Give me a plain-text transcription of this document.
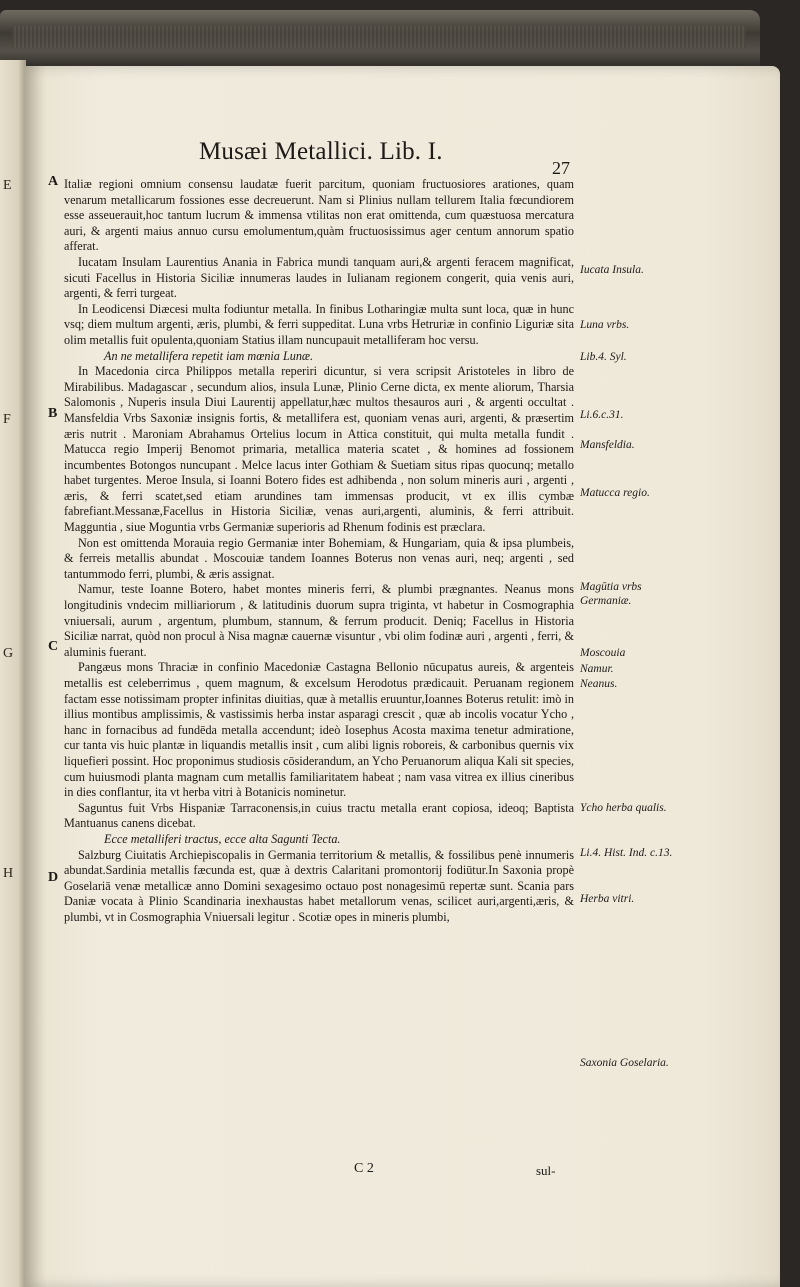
E
F
G
H
Musæi Metallici. Lib. I.
27
A
B
C
D

Italiæ regioni omnium consensu laudatæ fuerit parcitum, quoniam fructuosiores arationes, quam venarum metallicarum fossiones esse decreuerunt. Nam si Plinius nullam tellurem Italia fœcundiorem esse asseuerauit,hoc tantum lucrum & immensa vtilitas non erat omittenda, cum quæstuosa mercatura auri, & argenti maius annuo cursu emolumentum,quàm fructuosissimus ager centum annorum spatio afferat.

Iucatam Insulam Laurentius Anania in Fabrica mundi tanquam auri,& argenti feracem magnificat, sicuti Facellus in Historia Siciliæ innumeras laudes in Iulianam regionem congerit, quia venis auri, argenti, & ferri turgeat.

In Leodicensi Diæcesi multa fodiuntur metalla. In finibus Lotharingiæ multa sunt loca, quæ in hunc vsq; diem multum argenti, æris, plumbi, & ferri suppeditat. Luna vrbs Hetruriæ in confinio Liguriæ sita olim metallis fuit opulenta,quoniam Statius illam nuncupauit metalliferam hoc versu.

An ne metallifera repetit iam mœnia Lunæ.

In Macedonia circa Philippos metalla reperiri dicuntur, si vera scripsit Aristoteles in libro de Mirabilibus. Madagascar , secundum alios, insula Lunæ, Plinio Cerne dicta, ex mente aliorum, Tharsia Salomonis , Nuperis insula Diui Laurentij appellatur,hæc multos thesauros auri , & argenti occultat . Mansfeldia Vrbs Saxoniæ insignis fortis, & metallifera est, quoniam venas auri, argenti, & præsertim æris nutrit . Maroniam Abrahamus Ortelius locum in Attica constituit, qui multa metalla fundit . Matucca regio Imperij Benomot primaria, metallica materia scatet , & homines ad fossionem incumbentes Botongos nuncupant . Melce lacus inter Gothiam & Suetiam situs ripas quocunq; metallo habet turgentes. Meroe Insula, si Ioanni Botero fides est adhibenda , non solum mineris auri , argenti , æris, & ferri scatet,sed etiam arundines tam immensas producit, vt ex illis cymbæ fabrefiant.Messanæ,Facellus in Historia Siciliæ, venas auri,argenti, aluminis, & ferri attribuit. Magguntia , siue Moguntia vrbs Germaniæ superioris ad Rhenum fodinis est præclara.

Non est omittenda Morauia regio Germaniæ inter Bohemiam, & Hungariam, quia & ipsa plumbeis, & ferreis metallis abundat . Moscouiæ tandem Ioannes Boterus non venas auri, neq; argenti , sed tantummodo ferri, plumbi, & æris assignat.

Namur, teste Ioanne Botero, habet montes mineris ferri, & plumbi prægnantes. Neanus mons longitudinis vndecim milliariorum , & latitudinis duorum supra triginta, vt habetur in Cosmographia vniuersali, aurum , argentum, plumbum, stannum, & ferrum producit. Deniq; Facellus in Historia Siciliæ narrat, quòd non procul à Nisa magnæ cauernæ visuntur , vbi olim fodinæ auri , argenti , ferri, & aluminis fuerant.

Pangæus mons Thraciæ in confinio Macedoniæ Castagna Bellonio nūcupatus aureis, & argenteis metallis est celeberrimus , quem magnum, & excelsum Herodotus prædicauit. Peruanam regionem factam esse notissimam propter infinitas diuitias, quæ à metallis eruuntur,Ioannes Boterus retulit: imò in illius montibus amplissimis, & vastissimis herba instar asparagi crescit , quæ ab incolis vocatur Ycho , hanc in fornacibus ad fundēda metalla accendunt; ideò Iosephus Acosta maxima tenetur admiratione, cur tanta vis huic plantæ in liquandis metallis insit , cum alibi lignis roboreis, & carbonibus quernis vix liquefieri possint. Hoc proponimus studiosis cōsiderandum, an Ycho Peruanorum aliqua Kali sit species, cum huiusmodi planta magnam cum metallis familiaritatem habeat ; nam vasa vitrea ex illius cineribus in dies conflantur, ita vt herba vitri à Botanicis nominetur.

Saguntus fuit Vrbs Hispaniæ Tarraconensis,in cuius tractu metalla erant copiosa, ideoq; Baptista Mantuanus canens dicebat.

Ecce metalliferi tractus, ecce alta Sagunti Tecta.

Salzburg Ciuitatis Archiepiscopalis in Germania territorium & metallis, & fossilibus penè innumeris abundat.Sardinia metallis fæcunda est, quæ à dextris Calaritani promontorij fodiūtur.In Saxonia propè Goselariā venæ metallicæ anno Domini sexagesimo octauo post nonagesimū repertæ sunt. Scania pars Daniæ vocata à Plinio Scandinaria inexhaustas habet metallorum venas, scilicet auri,argenti,æris, & plumbi, vt in Cosmographia Vniuersali legitur . Scotiæ opes in mineris plumbi,

Iucata Insula.
Luna vrbs.
Lib.4. Syl.
Li.6.c.31.
Mansfeldia.
Matucca regio.
Magūtia vrbs Germaniæ.
Moscouia
Namur.
Neanus.
Ycho herba qualis.
Li.4. Hist. Ind. c.13.
Herba vitri.
Saxonia Goselaria.
C 2	sul-
